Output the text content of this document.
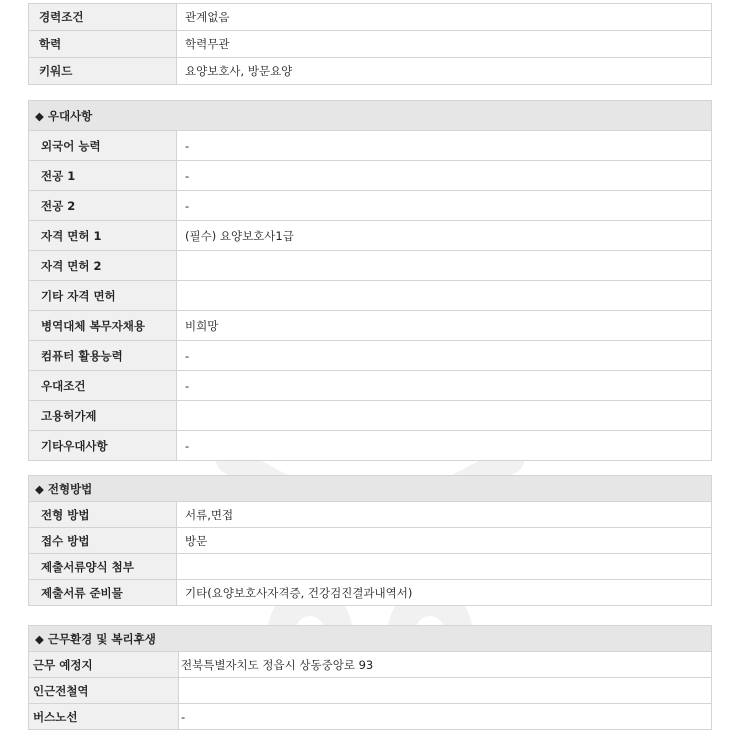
경력조건	관계없음
학력	학력무관
키워드	요양보호사, 방문요양
◆ 우대사항	
외국어 능력	-
전공 1	-
전공 2	-
자격 면허 1	(필수) 요양보호사1급
자격 면허 2	
기타 자격 면허	
병역대체 복무자채용	비희망
컴퓨터 활용능력	-
우대조건	-
고용허가제	
기타우대사항	-
◆ 전형방법	
전형 방법	서류,면접
접수 방법	방문
제출서류양식 첨부	
제출서류 준비물	기타(요양보호사자격증, 건강검진결과내역서)
◆ 근무환경 및 복리후생	
근무 예정지	전북특별자치도 정읍시 상동중앙로 93
인근전철역	
버스노선	-
